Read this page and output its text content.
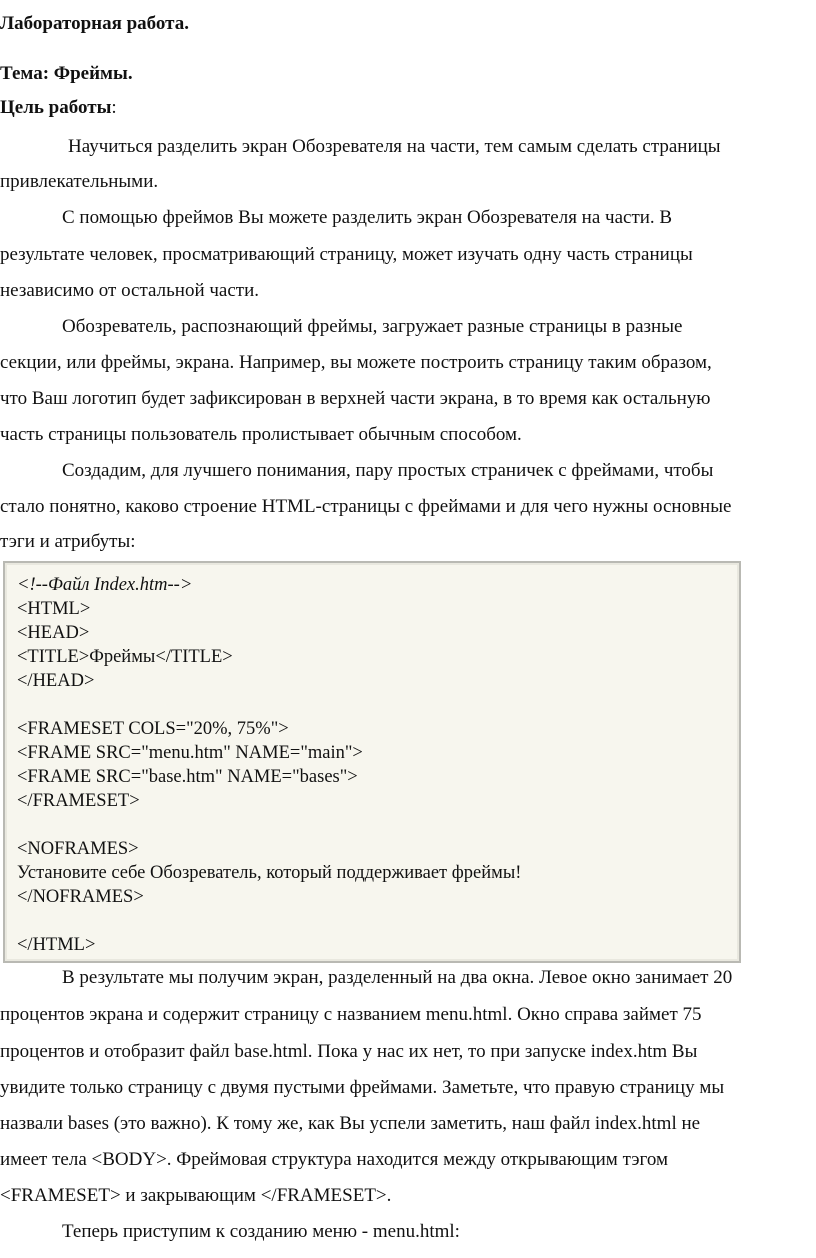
Лабораторная работа.
Тема: Фреймы.
Цель работы:
Научиться разделить экран Обозревателя на части, тем самым сделать страницы
привлекательными.
С помощью фреймов Вы можете разделить экран Обозревателя на части. В
результате человек, просматривающий страницу, может изучать одну часть страницы
независимо от остальной части.
Обозреватель, распознающий фреймы, загружает разные страницы в разные
секции, или фреймы, экрана. Например, вы можете построить страницу таким образом,
что Ваш логотип будет зафиксирован в верхней части экрана, в то время как остальную
часть страницы пользователь пролистывает обычным способом.
Создадим, для лучшего понимания, пару простых страничек с фреймами, чтобы
стало понятно, каково строение HTML-страницы с фреймами и для чего нужны основные
тэги и атрибуты:
<!--Файл Index.htm-->
<HTML>
<HEAD>
<TITLE>Фреймы</TITLE>
</HEAD>
<FRAMESET COLS="20%, 75%">
<FRAME SRC="menu.htm" NAME="main">
<FRAME SRC="base.htm" NAME="bases">
</FRAMESET>
<NOFRAMES>
Установите себе Обозреватель, который поддерживает фреймы!
</NOFRAMES>
</HTML>
В результате мы получим экран, разделенный на два окна. Левое окно занимает 20
процентов экрана и содержит страницу с названием menu.html. Окно справа займет 75
процентов и отобразит файл base.html. Пока у нас их нет, то при запуске index.htm Вы
увидите только страницу с двумя пустыми фреймами. Заметьте, что правую страницу мы
назвали bases (это важно). К тому же, как Вы успели заметить, наш файл index.html не
имеет тела <BODY>. Фреймовая структура находится между открывающим тэгом
<FRAMESET> и закрывающим </FRAMESET>.
Теперь приступим к созданию меню - menu.html:
